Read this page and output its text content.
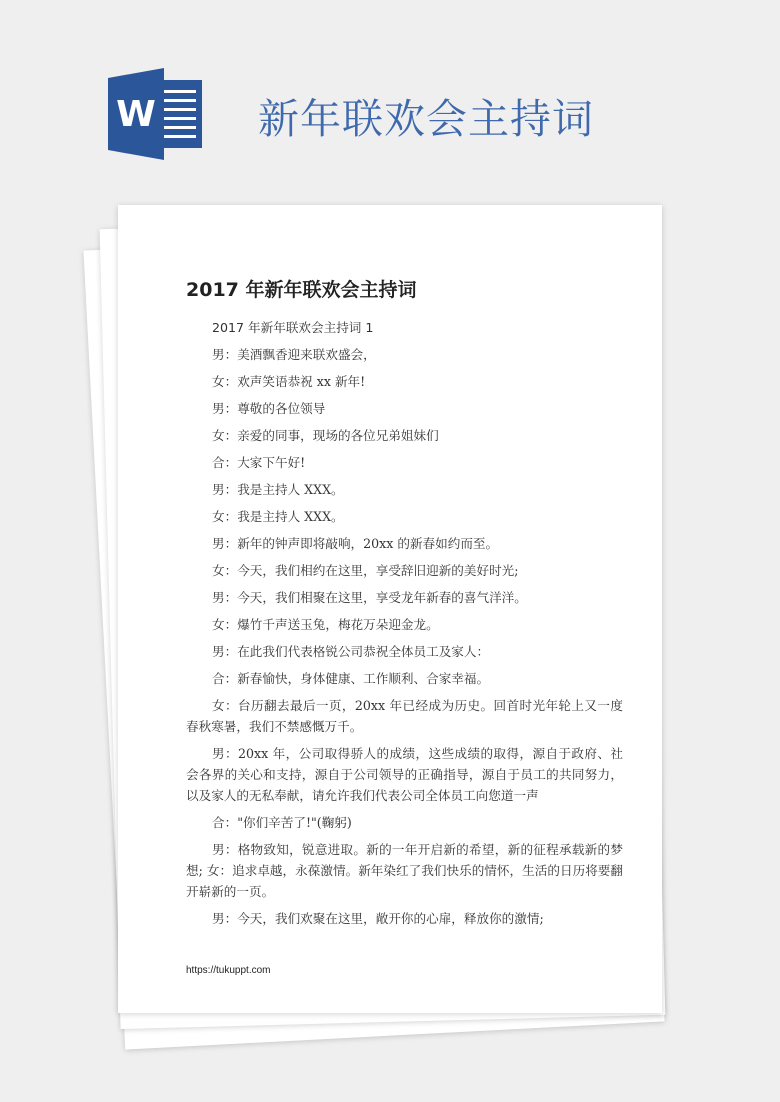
W 新年联欢会主持词
2017 年新年联欢会主持词
2017 年新年联欢会主持词 1
男：美酒飘香迎来联欢盛会，
女：欢声笑语恭祝 xx 新年!
男：尊敬的各位领导
女：亲爱的同事，现场的各位兄弟姐妹们
合：大家下午好!
男：我是主持人 XXX。
女：我是主持人 XXX。
男：新年的钟声即将敲响，20xx 的新春如约而至。
女：今天，我们相约在这里，享受辞旧迎新的美好时光;
男：今天，我们相聚在这里，享受龙年新春的喜气洋洋。
女：爆竹千声送玉兔，梅花万朵迎金龙。
男：在此我们代表格锐公司恭祝全体员工及家人：
合：新春愉快，身体健康、工作顺利、合家幸福。
女：台历翻去最后一页，20xx 年已经成为历史。回首时光年轮上又一度春秋寒暑，我们不禁感慨万千。
男：20xx 年，公司取得骄人的成绩，这些成绩的取得，源自于政府、社会各界的关心和支持，源自于公司领导的正确指导，源自于员工的共同努力，以及家人的无私奉献，请允许我们代表公司全体员工向您道一声
合："你们辛苦了!"(鞠躬)
男：格物致知，锐意进取。新的一年开启新的希望，新的征程承载新的梦想; 女：追求卓越，永葆激情。新年染红了我们快乐的情怀，生活的日历将要翻开崭新的一页。
男：今天，我们欢聚在这里，敞开你的心扉，释放你的激情;
https://tukuppt.com
